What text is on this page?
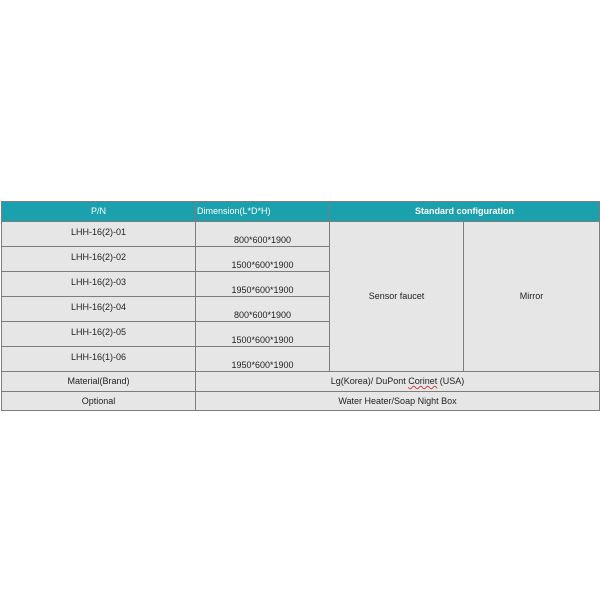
P/N	Dimension(L*D*H)	Standard configuration	
LHH-16(2)-01	800*600*1900	Sensor faucet	Mirror
LHH-16(2)-02	1500*600*1900		
LHH-16(2)-03	1950*600*1900		
LHH-16(2)-04	800*600*1900		
LHH-16(2)-05	1500*600*1900		
LHH-16(1)-06	1950*600*1900		
Material(Brand)	Lg(Korea)/ DuPont Corinet (USA)		
Optional	Water Heater/Soap Night Box		
